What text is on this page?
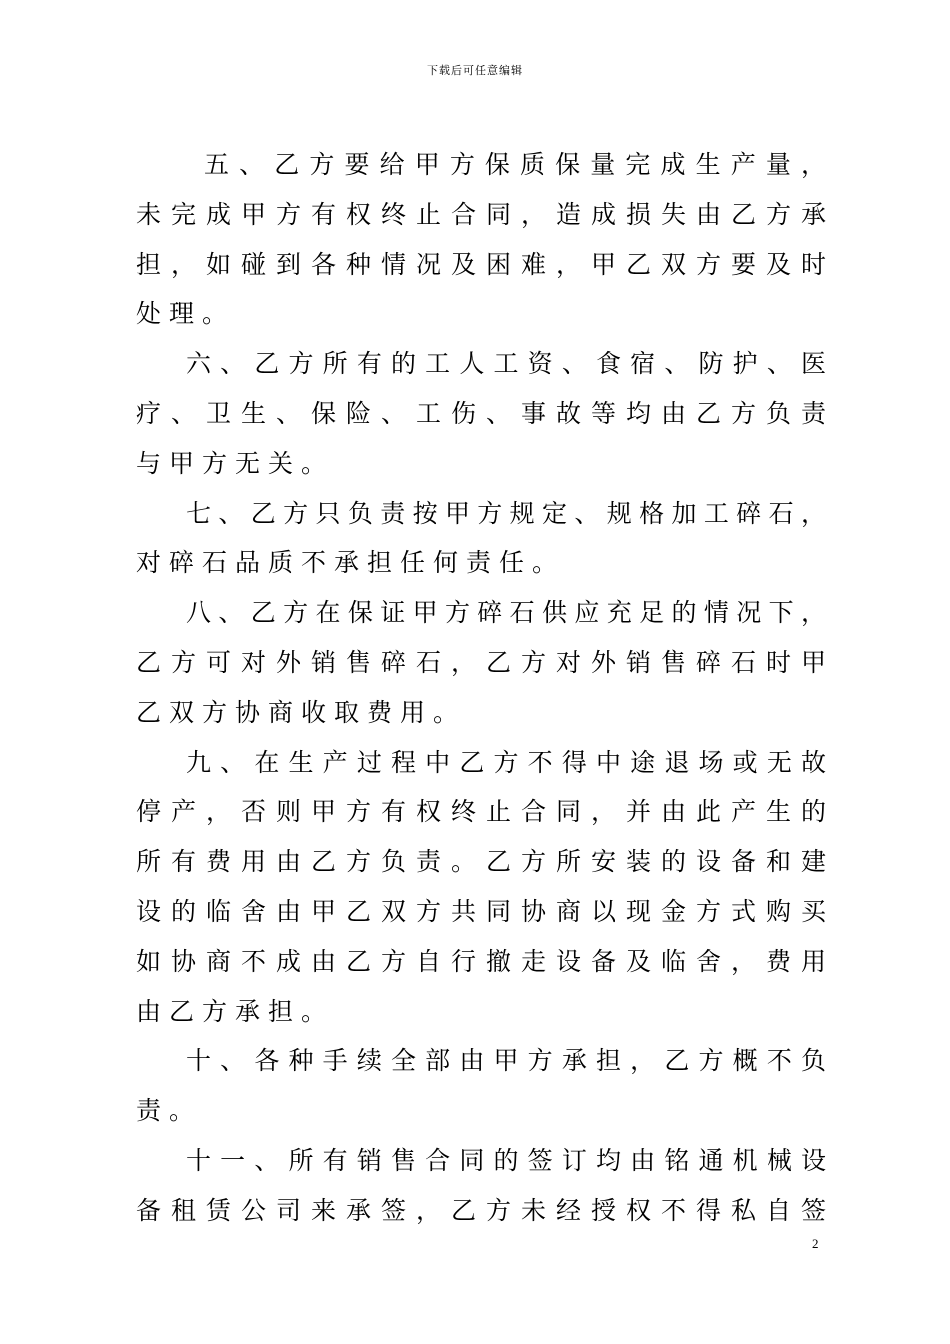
下载后可任意编辑
五、乙方要给甲方保质保量完成生产量，
未完成甲方有权终止合同，造成损失由乙方承
担，如碰到各种情况及困难，甲乙双方要及时
处理。
六、乙方所有的工人工资、食宿、防护、医
疗、卫生、保险、工伤、事故等均由乙方负责
与甲方无关。
七、乙方只负责按甲方规定、规格加工碎石，
对碎石品质不承担任何责任。
八、乙方在保证甲方碎石供应充足的情况下，
乙方可对外销售碎石，乙方对外销售碎石时甲
乙双方协商收取费用。
九、在生产过程中乙方不得中途退场或无故
停产，否则甲方有权终止合同，并由此产生的
所有费用由乙方负责。乙方所安装的设备和建
设的临舍由甲乙双方共同协商以现金方式购买
如协商不成由乙方自行撤走设备及临舍，费用
由乙方承担。
十、各种手续全部由甲方承担，乙方概不负
责。
十一、所有销售合同的签订均由铭通机械设
备租赁公司来承签，乙方未经授权不得私自签
2
